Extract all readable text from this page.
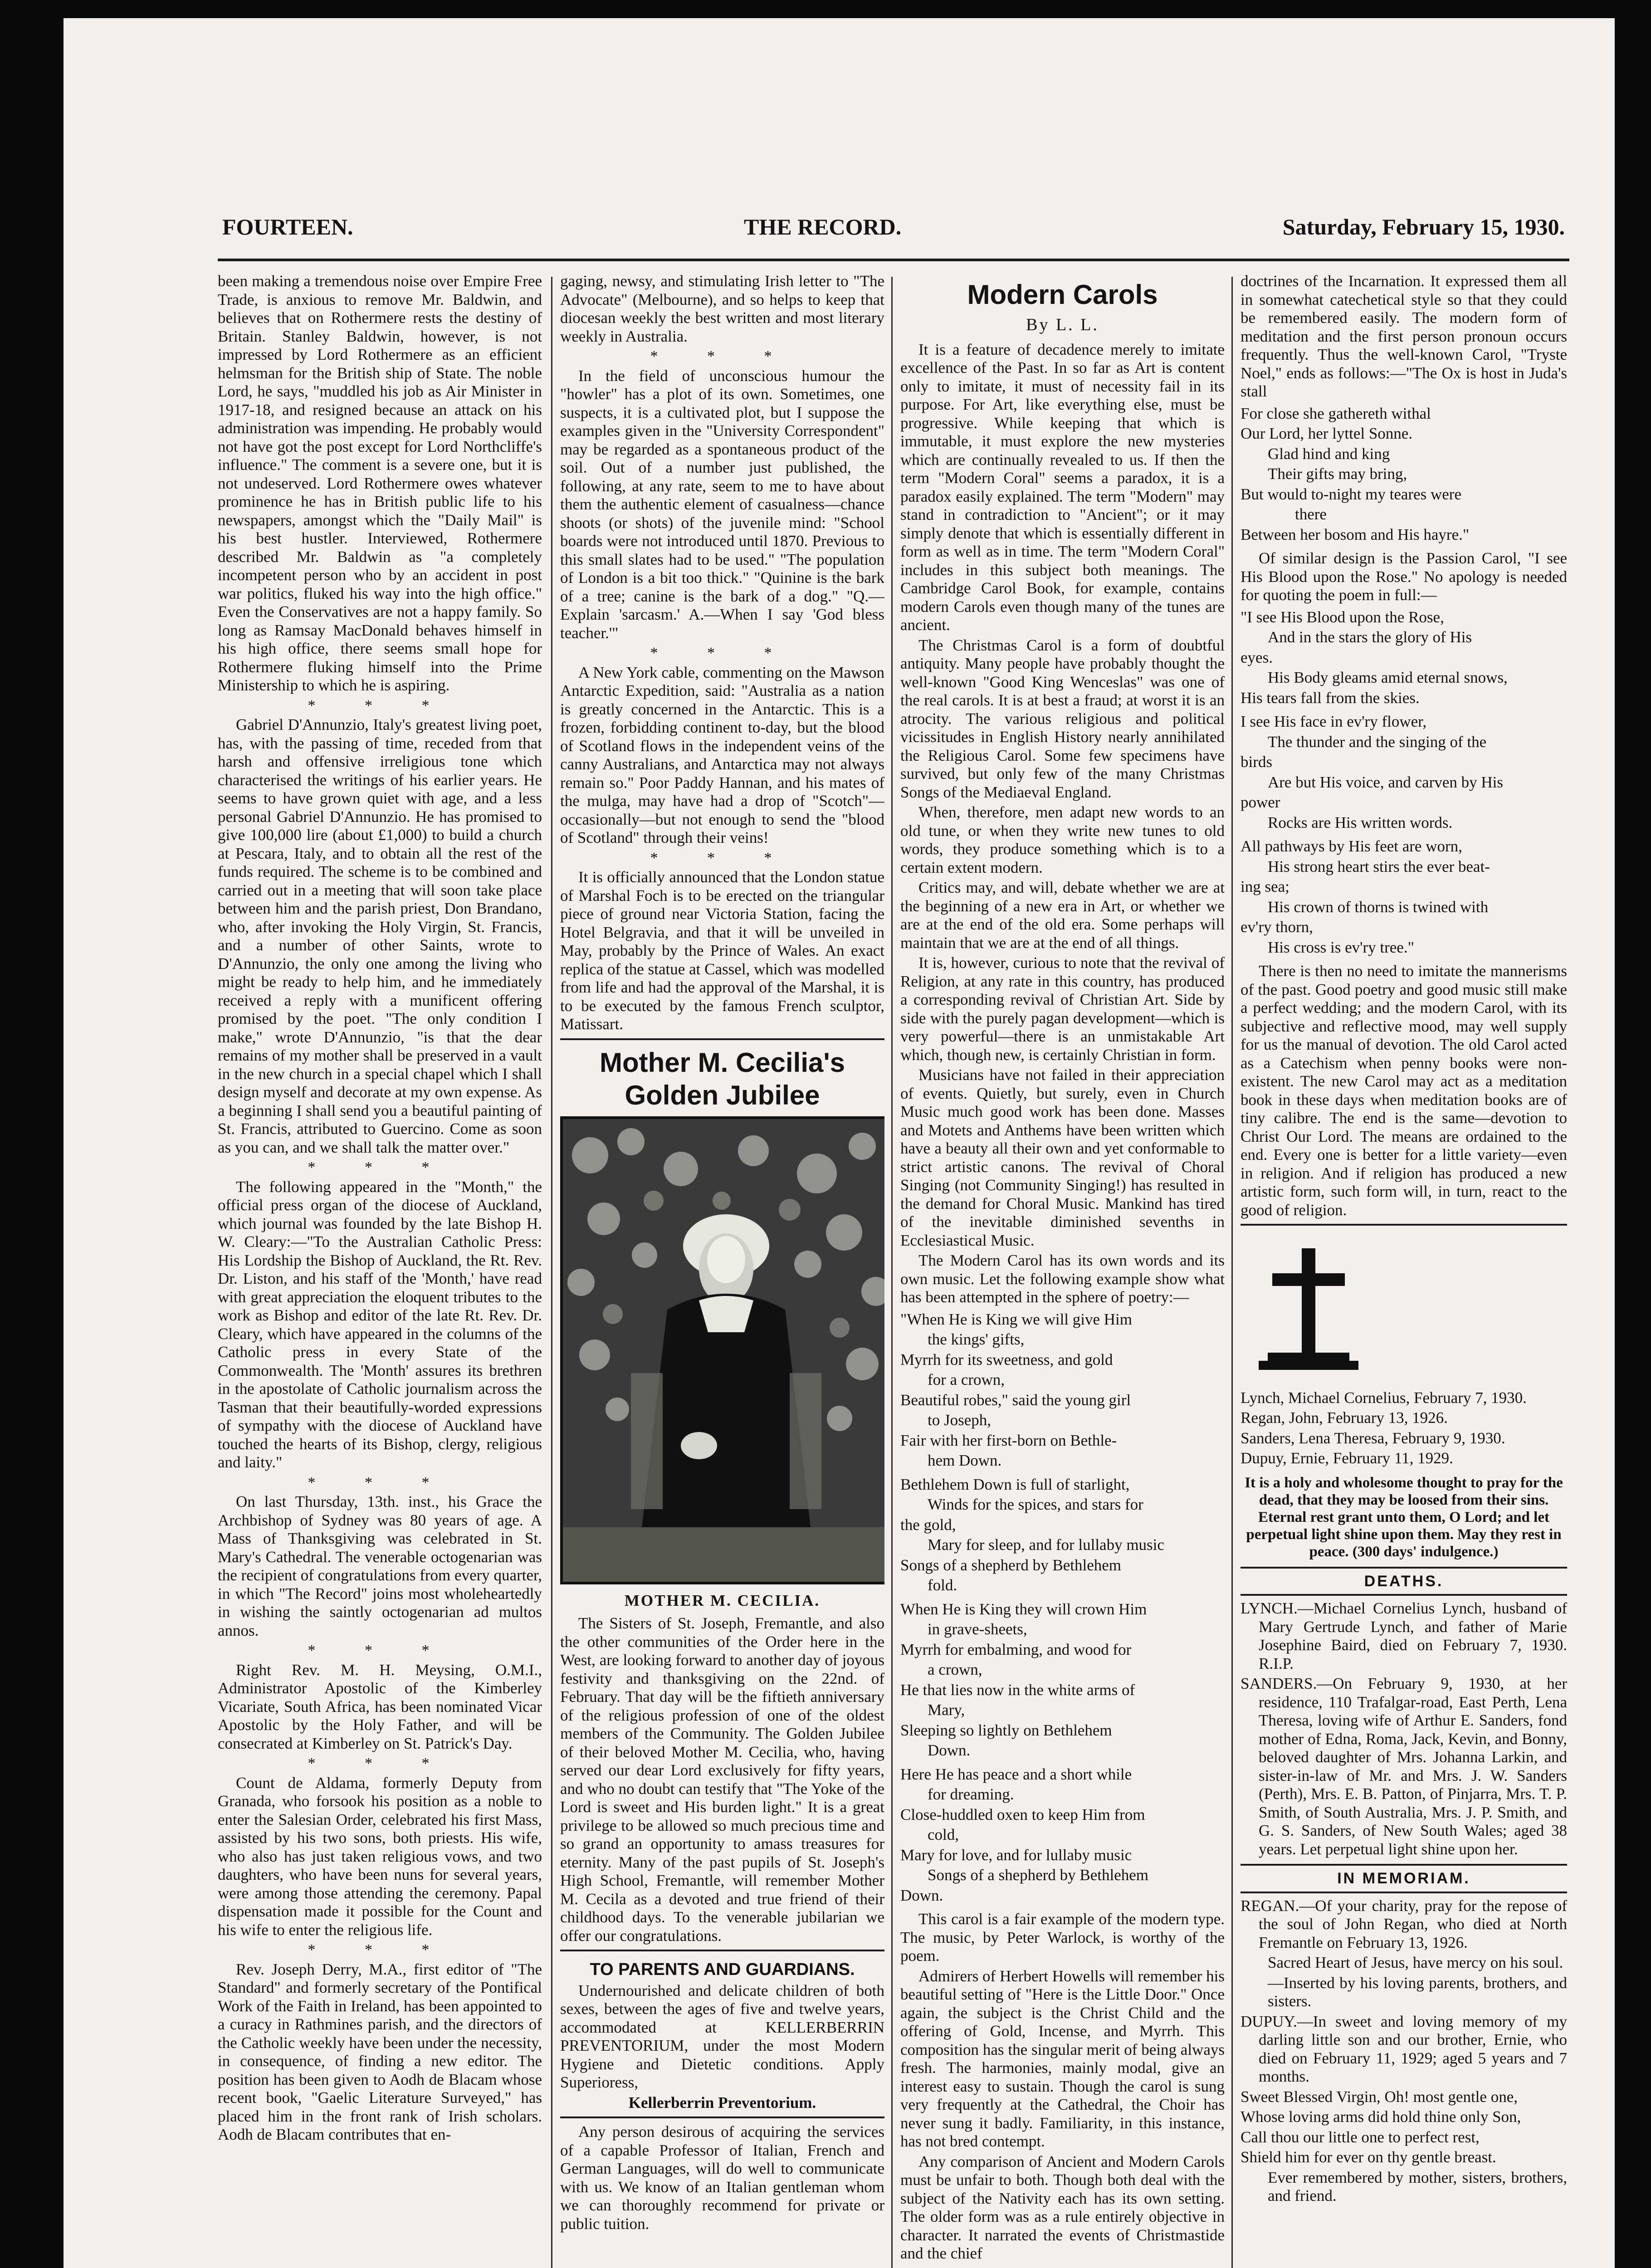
FOURTEEN.	THE RECORD.	Saturday, February 15, 1930.

been making a tremendous noise over Empire Free Trade, is anxious to remove Mr. Baldwin, and believes that on Rothermere rests the destiny of Britain. Stanley Baldwin, however, is not impressed by Lord Rothermere as an efficient helmsman for the British ship of State. The noble Lord, he says, "muddled his job as Air Minister in 1917-18, and resigned because an attack on his administration was impending. He probably would not have got the post except for Lord Northcliffe's influence." The comment is a severe one, but it is not undeserved. Lord Rothermere owes whatever prominence he has in British public life to his newspapers, amongst which the "Daily Mail" is his best hustler. Interviewed, Rothermere described Mr. Baldwin as "a completely incompetent person who by an accident in post war politics, fluked his way into the high office." Even the Conservatives are not a happy family. So long as Ramsay MacDonald behaves himself in his high office, there seems small hope for Rothermere fluking himself into the Prime Ministership to which he is aspiring.

* * *

Gabriel D'Annunzio, Italy's greatest living poet, has, with the passing of time, receded from that harsh and offensive irreligious tone which characterised the writings of his earlier years. He seems to have grown quiet with age, and a less personal Gabriel D'Annunzio. He has promised to give 100,000 lire (about £1,000) to build a church at Pescara, Italy, and to obtain all the rest of the funds required. The scheme is to be combined and carried out in a meeting that will soon take place between him and the parish priest, Don Brandano, who, after invoking the Holy Virgin, St. Francis, and a number of other Saints, wrote to D'Annunzio, the only one among the living who might be ready to help him, and he immediately received a reply with a munificent offering promised by the poet. "The only condition I make," wrote D'Annunzio, "is that the dear remains of my mother shall be preserved in a vault in the new church in a special chapel which I shall design myself and decorate at my own expense. As a beginning I shall send you a beautiful painting of St. Francis, attributed to Guercino. Come as soon as you can, and we shall talk the matter over."

* * *

The following appeared in the "Month," the official press organ of the diocese of Auckland, which journal was founded by the late Bishop H. W. Cleary:—"To the Australian Catholic Press: His Lordship the Bishop of Auckland, the Rt. Rev. Dr. Liston, and his staff of the 'Month,' have read with great appreciation the eloquent tributes to the work as Bishop and editor of the late Rt. Rev. Dr. Cleary, which have appeared in the columns of the Catholic press in every State of the Commonwealth. The 'Month' assures its brethren in the apostolate of Catholic journalism across the Tasman that their beautifully-worded expressions of sympathy with the diocese of Auckland have touched the hearts of its Bishop, clergy, religious and laity."

* * *

On last Thursday, 13th. inst., his Grace the Archbishop of Sydney was 80 years of age. A Mass of Thanksgiving was celebrated in St. Mary's Cathedral. The venerable octogenarian was the recipient of congratulations from every quarter, in which "The Record" joins most wholeheartedly in wishing the saintly octogenarian ad multos annos.

* * *

Right Rev. M. H. Meysing, O.M.I., Administrator Apostolic of the Kimberley Vicariate, South Africa, has been nominated Vicar Apostolic by the Holy Father, and will be consecrated at Kimberley on St. Patrick's Day.

* * *

Count de Aldama, formerly Deputy from Granada, who forsook his position as a noble to enter the Salesian Order, celebrated his first Mass, assisted by his two sons, both priests. His wife, who also has just taken religious vows, and two daughters, who have been nuns for several years, were among those attending the ceremony. Papal dispensation made it possible for the Count and his wife to enter the religious life.

* * *

Rev. Joseph Derry, M.A., first editor of "The Standard" and formerly secretary of the Pontifical Work of the Faith in Ireland, has been appointed to a curacy in Rathmines parish, and the directors of the Catholic weekly have been under the necessity, in consequence, of finding a new editor. The position has been given to Aodh de Blacam whose recent book, "Gaelic Literature Surveyed," has placed him in the front rank of Irish scholars. Aodh de Blacam contributes that en-

gaging, newsy, and stimulating Irish letter to "The Advocate" (Melbourne), and so helps to keep that diocesan weekly the best written and most literary weekly in Australia.

* * *

In the field of unconscious humour the "howler" has a plot of its own. Sometimes, one suspects, it is a cultivated plot, but I suppose the examples given in the "University Correspondent" may be regarded as a spontaneous product of the soil. Out of a number just published, the following, at any rate, seem to me to have about them the authentic element of casualness—chance shoots (or shots) of the juvenile mind: "School boards were not introduced until 1870. Previous to this small slates had to be used." "The population of London is a bit too thick." "Quinine is the bark of a tree; canine is the bark of a dog." "Q.—Explain 'sarcasm.' A.—When I say 'God bless teacher.'"

* * *

A New York cable, commenting on the Mawson Antarctic Expedition, said: "Australia as a nation is greatly concerned in the Antarctic. This is a frozen, forbidding continent to-day, but the blood of Scotland flows in the independent veins of the canny Australians, and Antarctica may not always remain so." Poor Paddy Hannan, and his mates of the mulga, may have had a drop of "Scotch"—occasionally—but not enough to send the "blood of Scotland" through their veins!

* * *

It is officially announced that the London statue of Marshal Foch is to be erected on the triangular piece of ground near Victoria Station, facing the Hotel Belgravia, and that it will be unveiled in May, probably by the Prince of Wales. An exact replica of the statue at Cassel, which was modelled from life and had the approval of the Marshal, it is to be executed by the famous French sculptor, Matissart.

Mother M. Cecilia's Golden Jubilee
MOTHER M. CECILIA.

The Sisters of St. Joseph, Fremantle, and also the other communities of the Order here in the West, are looking forward to another day of joyous festivity and thanksgiving on the 22nd. of February. That day will be the fiftieth anniversary of the religious profession of one of the oldest members of the Community. The Golden Jubilee of their beloved Mother M. Cecilia, who, having served our dear Lord exclusively for fifty years, and who no doubt can testify that "The Yoke of the Lord is sweet and His burden light." It is a great privilege to be allowed so much precious time and so grand an opportunity to amass treasures for eternity. Many of the past pupils of St. Joseph's High School, Fremantle, will remember Mother M. Cecila as a devoted and true friend of their childhood days. To the venerable jubilarian we offer our congratulations.

TO PARENTS AND GUARDIANS.

Undernourished and delicate children of both sexes, between the ages of five and twelve years, accommodated at KELLERBERRIN PREVENTORIUM, under the most Modern Hygiene and Dietetic conditions. Apply Superioress,

Kellerberrin Preventorium.

Any person desirous of acquiring the services of a capable Professor of Italian, French and German Languages, will do well to communicate with us. We know of an Italian gentleman whom we can thoroughly recommend for private or public tuition.

Modern Carols
By L. L.

It is a feature of decadence merely to imitate excellence of the Past. In so far as Art is content only to imitate, it must of necessity fail in its purpose. For Art, like everything else, must be progressive. While keeping that which is immutable, it must explore the new mysteries which are continually revealed to us. If then the term "Modern Coral" seems a paradox, it is a paradox easily explained. The term "Modern" may stand in contradiction to "Ancient"; or it may simply denote that which is essentially different in form as well as in time. The term "Modern Coral" includes in this subject both meanings. The Cambridge Carol Book, for example, contains modern Carols even though many of the tunes are ancient.

The Christmas Carol is a form of doubtful antiquity. Many people have probably thought the well-known "Good King Wenceslas" was one of the real carols. It is at best a fraud; at worst it is an atrocity. The various religious and political vicissitudes in English History nearly annihilated the Religious Carol. Some few specimens have survived, but only few of the many Christmas Songs of the Mediaeval England.

When, therefore, men adapt new words to an old tune, or when they write new tunes to old words, they produce something which is to a certain extent modern.

Critics may, and will, debate whether we are at the beginning of a new era in Art, or whether we are at the end of the old era. Some perhaps will maintain that we are at the end of all things.

It is, however, curious to note that the revival of Religion, at any rate in this country, has produced a corresponding revival of Christian Art. Side by side with the purely pagan development—which is very powerful—there is an unmistakable Art which, though new, is certainly Christian in form.

Musicians have not failed in their appreciation of events. Quietly, but surely, even in Church Music much good work has been done. Masses and Motets and Anthems have been written which have a beauty all their own and yet conformable to strict artistic canons. The revival of Choral Singing (not Community Singing!) has resulted in the demand for Choral Music. Mankind has tired of the inevitable diminished sevenths in Ecclesiastical Music.

The Modern Carol has its own words and its own music. Let the following example show what has been attempted in the sphere of poetry:—

"When He is King we will give Him

the kings' gifts,

Myrrh for its sweetness, and gold

for a crown,

Beautiful robes," said the young girl

to Joseph,

Fair with her first-born on Bethle-

hem Down.

Bethlehem Down is full of starlight,

Winds for the spices, and stars for

the gold,

Mary for sleep, and for lullaby music

Songs of a shepherd by Bethlehem

fold.

When He is King they will crown Him

in grave-sheets,

Myrrh for embalming, and wood for

a crown,

He that lies now in the white arms of

Mary,

Sleeping so lightly on Bethlehem

Down.

Here He has peace and a short while

for dreaming.

Close-huddled oxen to keep Him from

cold,

Mary for love, and for lullaby music

Songs of a shepherd by Bethlehem

Down.

This carol is a fair example of the modern type. The music, by Peter Warlock, is worthy of the poem.

Admirers of Herbert Howells will remember his beautiful setting of "Here is the Little Door." Once again, the subject is the Christ Child and the offering of Gold, Incense, and Myrrh. This composition has the singular merit of being always fresh. The harmonies, mainly modal, give an interest easy to sustain. Though the carol is sung very frequently at the Cathedral, the Choir has never sung it badly. Familiarity, in this instance, has not bred contempt.

Any comparison of Ancient and Modern Carols must be unfair to both. Though both deal with the subject of the Nativity each has its own setting. The older form was as a rule entirely objective in character. It narrated the events of Christmastide and the chief

doctrines of the Incarnation. It expressed them all in somewhat catechetical style so that they could be remembered easily. The modern form of meditation and the first person pronoun occurs frequently. Thus the well-known Carol, "Tryste Noel," ends as follows:—"The Ox is host in Juda's stall

For close she gathereth withal

Our Lord, her lyttel Sonne.

Glad hind and king

Their gifts may bring,

But would to-night my teares were

there

Between her bosom and His hayre."

Of similar design is the Passion Carol, "I see His Blood upon the Rose." No apology is needed for quoting the poem in full:—

"I see His Blood upon the Rose,

And in the stars the glory of His

eyes.

His Body gleams amid eternal snows,

His tears fall from the skies.

I see His face in ev'ry flower,

The thunder and the singing of the

birds

Are but His voice, and carven by His

power

Rocks are His written words.

All pathways by His feet are worn,

His strong heart stirs the ever beat-

ing sea;

His crown of thorns is twined with

ev'ry thorn,

His cross is ev'ry tree."

There is then no need to imitate the mannerisms of the past. Good poetry and good music still make a perfect wedding; and the modern Carol, with its subjective and reflective mood, may well supply for us the manual of devotion. The old Carol acted as a Catechism when penny books were non-existent. The new Carol may act as a meditation book in these days when meditation books are of tiny calibre. The end is the same—devotion to Christ Our Lord. The means are ordained to the end. Every one is better for a little variety—even in religion. And if religion has produced a new artistic form, such form will, in turn, react to the good of religion.

Lynch, Michael Cornelius, February 7, 1930.

Regan, John, February 13, 1926.

Sanders, Lena Theresa, February 9, 1930.

Dupuy, Ernie, February 11, 1929.

It is a holy and wholesome thought to pray for the dead, that they may be loosed from their sins. Eternal rest grant unto them, O Lord; and let perpetual light shine upon them. May they rest in peace. (300 days' indulgence.)
DEATHS.

LYNCH.—Michael Cornelius Lynch, husband of Mary Gertrude Lynch, and father of Marie Josephine Baird, died on February 7, 1930. R.I.P.

SANDERS.—On February 9, 1930, at her residence, 110 Trafalgar-road, East Perth, Lena Theresa, loving wife of Arthur E. Sanders, fond mother of Edna, Roma, Jack, Kevin, and Bonny, beloved daughter of Mrs. Johanna Larkin, and sister-in-law of Mr. and Mrs. J. W. Sanders (Perth), Mrs. E. B. Patton, of Pinjarra, Mrs. T. P. Smith, of South Australia, Mrs. J. P. Smith, and G. S. Sanders, of New South Wales; aged 38 years. Let perpetual light shine upon her.

IN MEMORIAM.

REGAN.—Of your charity, pray for the repose of the soul of John Regan, who died at North Fremantle on February 13, 1926.

Sacred Heart of Jesus, have mercy on his soul.

—Inserted by his loving parents, brothers, and sisters.

DUPUY.—In sweet and loving memory of my darling little son and our brother, Ernie, who died on February 11, 1929; aged 5 years and 7 months.

Sweet Blessed Virgin, Oh! most gentle one,

Whose loving arms did hold thine only Son,

Call thou our little one to perfect rest,

Shield him for ever on thy gentle breast.

Ever remembered by mother, sisters, brothers, and friend.
